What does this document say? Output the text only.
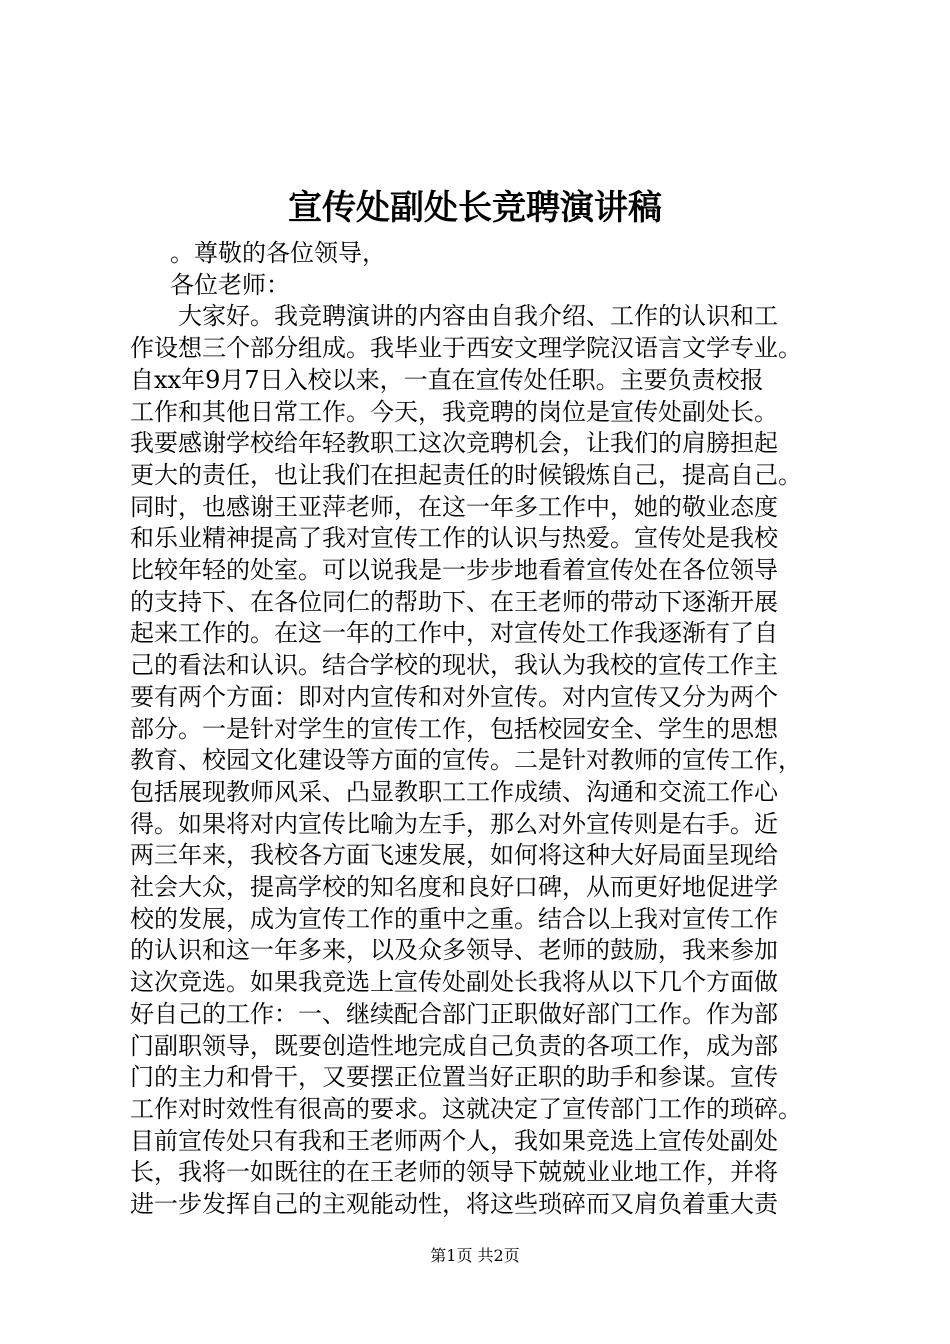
宣传处副处长竞聘演讲稿
。尊敬的各位领导，
各位老师：
大家好。我竞聘演讲的内容由自我介绍、工作的认识和工
作设想三个部分组成。我毕业于西安文理学院汉语言文学专业。
自xx年9月7日入校以来，一直在宣传处任职。主要负责校报
工作和其他日常工作。今天，我竞聘的岗位是宣传处副处长。
我要感谢学校给年轻教职工这次竞聘机会，让我们的肩膀担起
更大的责任，也让我们在担起责任的时候锻炼自己，提高自己。
同时，也感谢王亚萍老师，在这一年多工作中，她的敬业态度
和乐业精神提高了我对宣传工作的认识与热爱。宣传处是我校
比较年轻的处室。可以说我是一步步地看着宣传处在各位领导
的支持下、在各位同仁的帮助下、在王老师的带动下逐渐开展
起来工作的。在这一年的工作中，对宣传处工作我逐渐有了自
己的看法和认识。结合学校的现状，我认为我校的宣传工作主
要有两个方面：即对内宣传和对外宣传。对内宣传又分为两个
部分。一是针对学生的宣传工作，包括校园安全、学生的思想
教育、校园文化建设等方面的宣传。二是针对教师的宣传工作，
包括展现教师风采、凸显教职工工作成绩、沟通和交流工作心
得。如果将对内宣传比喻为左手，那么对外宣传则是右手。近
两三年来，我校各方面飞速发展，如何将这种大好局面呈现给
社会大众，提高学校的知名度和良好口碑，从而更好地促进学
校的发展，成为宣传工作的重中之重。结合以上我对宣传工作
的认识和这一年多来，以及众多领导、老师的鼓励，我来参加
这次竞选。如果我竞选上宣传处副处长我将从以下几个方面做
好自己的工作：一、继续配合部门正职做好部门工作。作为部
门副职领导，既要创造性地完成自己负责的各项工作，成为部
门的主力和骨干，又要摆正位置当好正职的助手和参谋。宣传
工作对时效性有很高的要求。这就决定了宣传部门工作的琐碎。
目前宣传处只有我和王老师两个人，我如果竞选上宣传处副处
长，我将一如既往的在王老师的领导下兢兢业业地工作，并将
进一步发挥自己的主观能动性，将这些琐碎而又肩负着重大责
第1页 共2页
